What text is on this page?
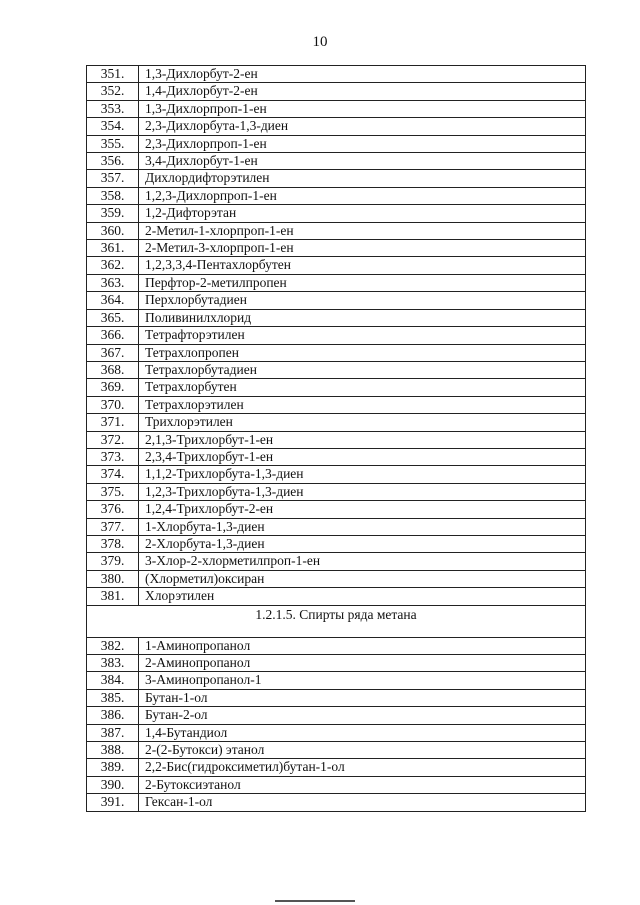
10
351.	1,3-Дихлорбут-2-ен
352.	1,4-Дихлорбут-2-ен
353.	1,3-Дихлорпроп-1-ен
354.	2,3-Дихлорбута-1,3-диен
355.	2,3-Дихлорпроп-1-ен
356.	3,4-Дихлорбут-1-ен
357.	Дихлордифторэтилен
358.	1,2,3-Дихлорпроп-1-ен
359.	1,2-Дифторэтан
360.	2-Метил-1-хлорпроп-1-ен
361.	2-Метил-3-хлорпроп-1-ен
362.	1,2,3,3,4-Пентахлорбутен
363.	Перфтор-2-метилпропен
364.	Перхлорбутадиен
365.	Поливинилхлорид
366.	Тетрафторэтилен
367.	Тетрахлопропен
368.	Тетрахлорбутадиен
369.	Тетрахлорбутен
370.	Тетрахлорэтилен
371.	Трихлорэтилен
372.	2,1,3-Трихлорбут-1-ен
373.	2,3,4-Трихлорбут-1-ен
374.	1,1,2-Трихлорбута-1,3-диен
375.	1,2,3-Трихлорбута-1,3-диен
376.	1,2,4-Трихлорбут-2-ен
377.	1-Хлорбута-1,3-диен
378.	2-Хлорбута-1,3-диен
379.	3-Хлор-2-хлорметилпроп-1-ен
380.	(Хлорметил)оксиран
381.	Хлорэтилен
1.2.1.5. Спирты ряда метана	
382.	1-Аминопропанол
383.	2-Аминопропанол
384.	3-Аминопропанол-1
385.	Бутан-1-ол
386.	Бутан-2-ол
387.	1,4-Бутандиол
388.	2-(2-Бутокси) этанол
389.	2,2-Бис(гидроксиметил)бутан-1-ол
390.	2-Бутоксиэтанол
391.	Гексан-1-ол
